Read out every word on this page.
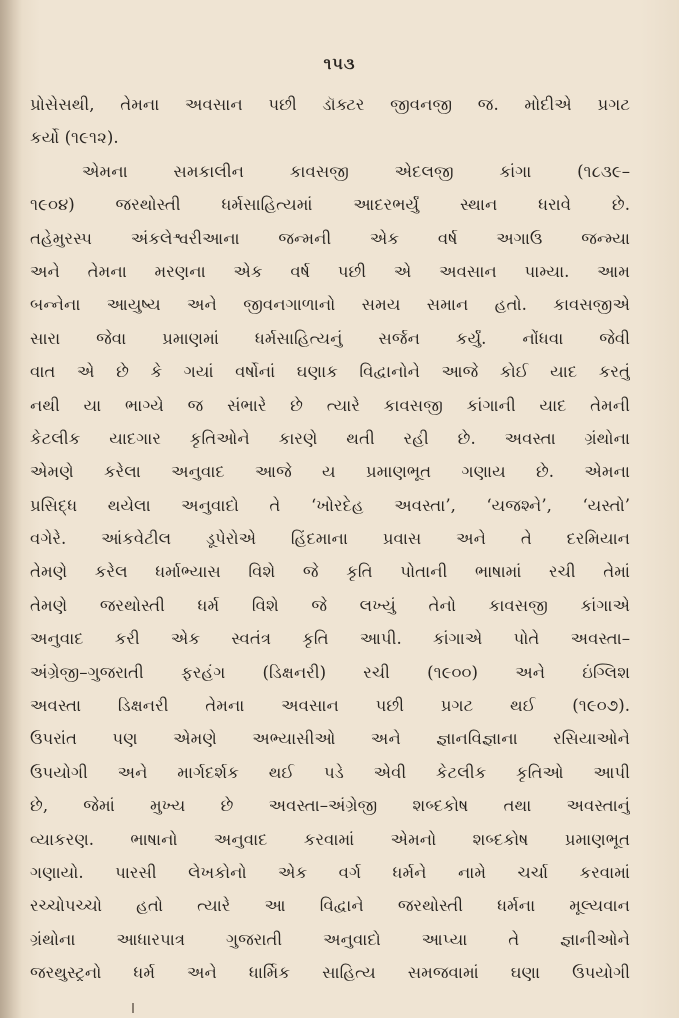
૧૫૩
પ્રોસેસથી, તેમના અવસાન પછી ડૉક્ટર જીવનજી જ. મોદીએ પ્રગટ
કર્યો (૧૯૧૨).
એમના સમકાલીન કાવસજી એદલજી કાંગા (૧૮૩૯–
૧૯૦૪) જરથોસ્તી ધર્મસાહિત્યમાં આદરભર્યું સ્થાન ધરાવે છે.
તહેમુરસ્પ અંકલેશ્વરીઆના જન્મની એક વર્ષ અગાઉ જન્મ્યા
અને તેમના મરણના એક વર્ષ પછી એ અવસાન પામ્યા. આમ
બન્નેના આયુષ્ય અને જીવનગાળાનો સમય સમાન હતો. કાવસજીએ
સારા જેવા પ્રમાણમાં ધર્મસાહિત્યનું સર્જન કર્યું. નોંધવા જેવી
વાત એ છે કે ગયાં વર્ષોનાં ઘણાક વિદ્વાનોને આજે કોઈ યાદ કરતું
નથી યા ભાગ્યે જ સંભારે છે ત્યારે કાવસજી કાંગાની યાદ તેમની
કેટલીક યાદગાર કૃતિઓને કારણે થતી રહી છે. અવસ્તા ગ્રંથોના
એમણે કરેલા અનુવાદ આજે ય પ્રમાણભૂત ગણાય છે. એમના
પ્રસિદ્ધ થયેલા અનુવાદો તે ‘ખોરદેહ અવસ્તા’, ‘યજશ્ને’, ‘યસ્તો’
વગેરે. આંકવેટીલ ડૂપેરોએ હિંદમાના પ્રવાસ અને તે દરમિયાન
તેમણે કરેલ ધર્માભ્યાસ વિશે જે કૃતિ પોતાની ભાષામાં રચી તેમાં
તેમણે જરથોસ્તી ધર્મ વિશે જે લખ્યું તેનો કાવસજી કાંગાએ
અનુવાદ કરી એક સ્વતંત્ર કૃતિ આપી. કાંગાએ પોતે અવસ્તા–
અંગ્રેજી–ગુજરાતી ફરહંગ (ડિક્ષનરી) રચી (૧૯૦૦) અને ઇંગ્લિશ
અવસ્તા ડિક્ષનરી તેમના અવસાન પછી પ્રગટ થઈ (૧૯૦૭).
ઉપરાંત પણ એમણે અભ્યાસીઓ અને જ્ઞાનવિજ્ઞાના રસિયાઓને
ઉપયોગી અને માર્ગદર્શક થઈ પડે એવી કેટલીક કૃતિઓ આપી
છે, જેમાં મુખ્ય છે અવસ્તા–અંગ્રેજી શબ્દકોષ તથા અવસ્તાનું
વ્યાકરણ. ભાષાનો અનુવાદ કરવામાં એમનો શબ્દકોષ પ્રમાણભૂત
ગણાયો. પારસી લેખકોનો એક વર્ગ ધર્મને નામે ચર્ચા કરવામાં
રચ્ચોપચ્ચો હતો ત્યારે આ વિદ્વાને જરથોસ્તી ધર્મના મૂલ્યવાન
ગ્રંથોના આધારપાત્ર ગુજરાતી અનુવાદો આપ્યા તે જ્ઞાનીઓને
જરથુસ્ટ્રનો ધર્મ અને ધાર્મિક સાહિત્ય સમજવામાં ઘણા ઉપયોગી
